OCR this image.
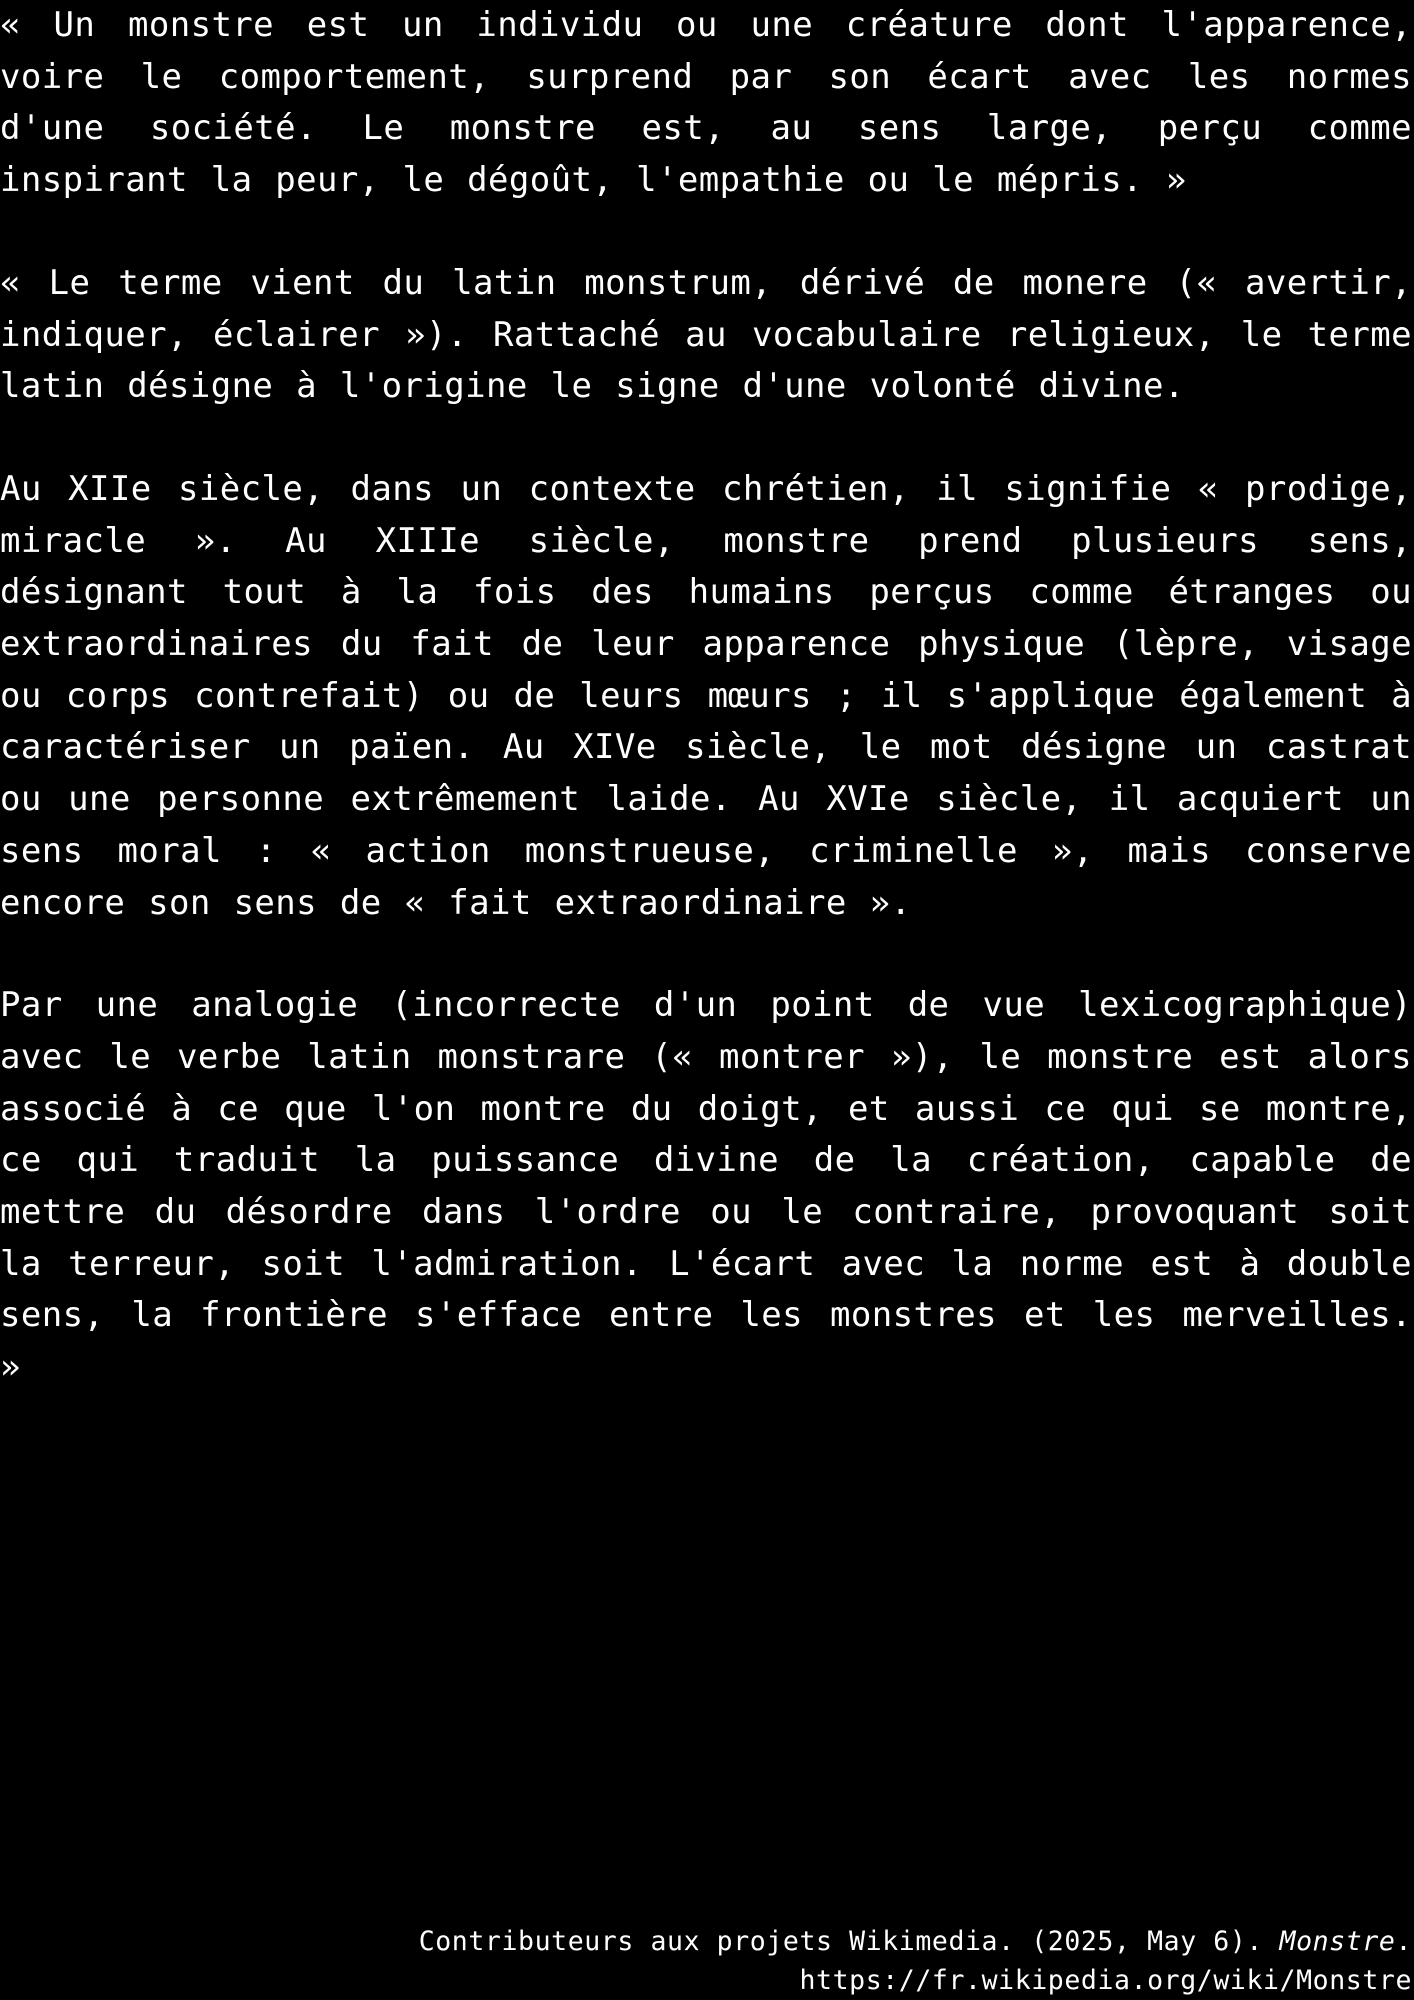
« Un monstre est un individu ou une créature dont l'apparence, voire le comportement, surprend par son écart avec les normes d'une société. Le monstre est, au sens large, perçu comme inspirant la peur, le dégoût, l'empathie ou le mépris. »

« Le terme vient du latin monstrum, dérivé de monere (« avertir, indiquer, éclairer »). Rattaché au vocabulaire religieux, le terme latin désigne à l'origine le signe d'une volonté divine.

Au XIIe siècle, dans un contexte chrétien, il signifie « prodige, miracle ». Au XIIIe siècle, monstre prend plusieurs sens, désignant tout à la fois des humains perçus comme étranges ou extraordinaires du fait de leur apparence physique (lèpre, visage ou corps contrefait) ou de leurs mœurs ; il s'applique également à caractériser un païen. Au XIVe siècle, le mot désigne un castrat ou une personne extrêmement laide. Au XVIe siècle, il acquiert un sens moral : « action monstrueuse, criminelle », mais conserve encore son sens de « fait extraordinaire ».

Par une analogie (incorrecte d'un point de vue lexicographique) avec le verbe latin monstrare (« montrer »), le monstre est alors associé à ce que l'on montre du doigt, et aussi ce qui se montre, ce qui traduit la puissance divine de la création, capable de mettre du désordre dans l'ordre ou le contraire, provoquant soit la terreur, soit l'admiration. L'écart avec la norme est à double sens, la frontière s'efface entre les monstres et les merveilles. »

Contributeurs aux projets Wikimedia. (2025, May 6). Monstre.
https://fr.wikipedia.org/wiki/Monstre
